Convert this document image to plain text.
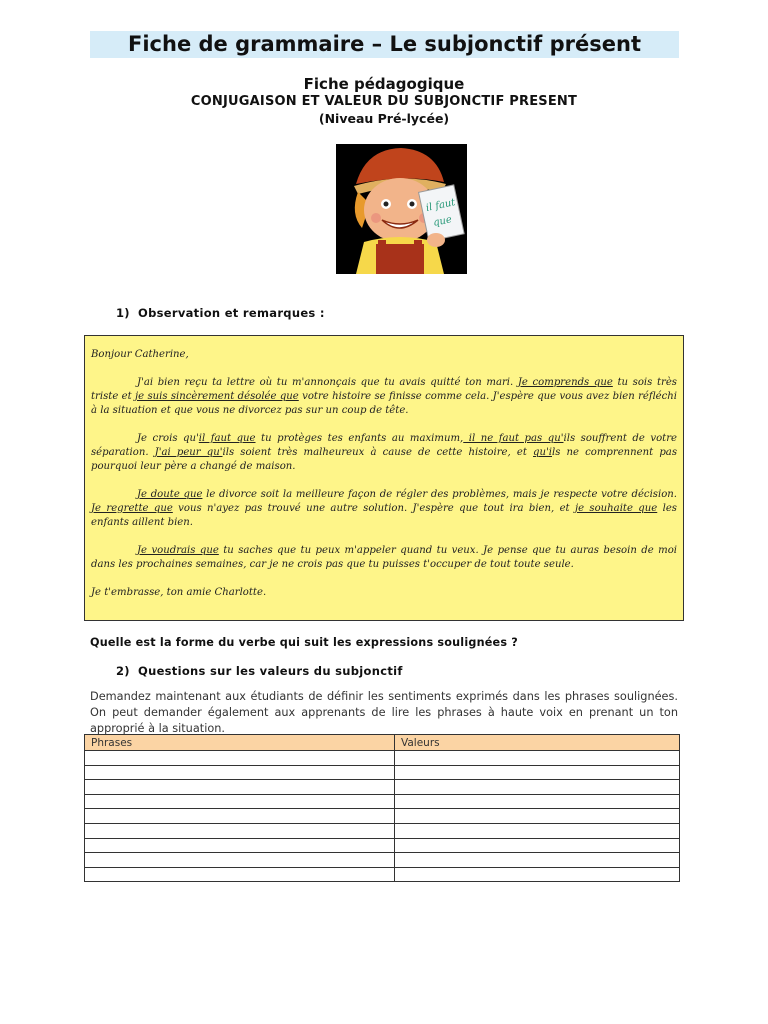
Fiche de grammaire – Le subjonctif présent
Fiche pédagogique
CONJUGAISON ET VALEUR DU SUBJONCTIF PRESENT
(Niveau Pré-lycée)
il faut
que
1) Observation et remarques :

Bonjour Catherine,

J'ai bien reçu ta lettre où tu m'annonçais que tu avais quitté ton mari. Je comprends que tu sois très triste et je suis sincèrement désolée que votre histoire se finisse comme cela. J'espère que vous avez bien réfléchi à la situation et que vous ne divorcez pas sur un coup de tête.

Je crois qu'il faut que tu protèges tes enfants au maximum, il ne faut pas qu'ils souffrent de votre séparation. J'ai peur qu'ils soient très malheureux à cause de cette histoire, et qu'ils ne comprennent pas pourquoi leur père a changé de maison.

Je doute que le divorce soit la meilleure façon de régler des problèmes, mais je respecte votre décision. Je regrette que vous n'ayez pas trouvé une autre solution. J'espère que tout ira bien, et je souhaite que les enfants aillent bien.

Je voudrais que tu saches que tu peux m'appeler quand tu veux. Je pense que tu auras besoin de moi dans les prochaines semaines, car je ne crois pas que tu puisses t'occuper de tout toute seule.

Je t'embrasse, ton amie Charlotte.

Quelle est la forme du verbe qui suit les expressions soulignées ?
2) Questions sur les valeurs du subjonctif
Demandez maintenant aux étudiants de définir les sentiments exprimés dans les phrases soulignées. On peut demander également aux apprenants de lire les phrases à haute voix en prenant un ton approprié à la situation.
Phrases	Valeurs
